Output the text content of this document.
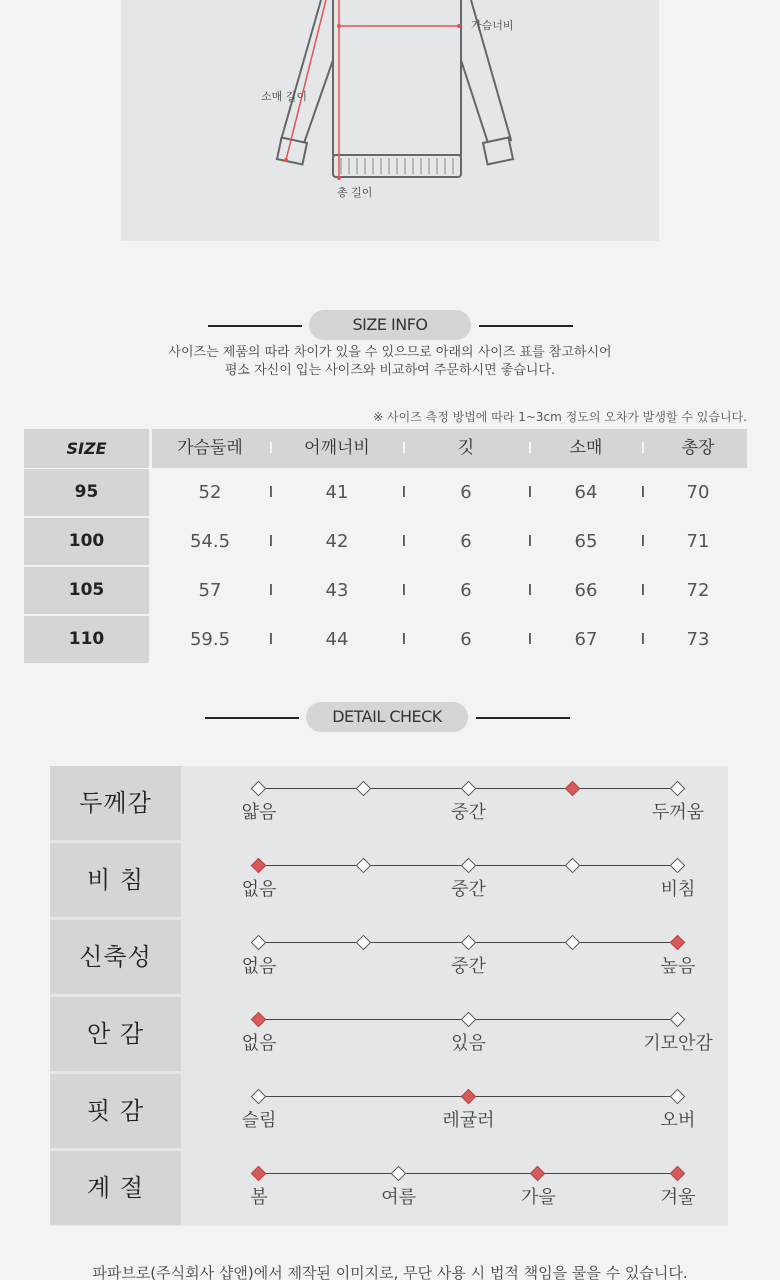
가슴너비
소매 길이
총 길이
SIZE INFO
사이즈는 제품의 따라 차이가 있을 수 있으므로 아래의 사이즈 표를 참고하시어
평소 자신이 입는 사이즈와 비교하여 주문하시면 좋습니다.
※ 사이즈 측정 방법에 따라 1~3cm 정도의 오차가 발생할 수 있습니다.
SIZE	가슴둘레	I	어깨너비	I	깃	I	소매	I	총장
95	52	I	41	I	6	I	64	I	70
100	54.5	I	42	I	6	I	65	I	71
105	57	I	43	I	6	I	66	I	72
110	59.5	I	44	I	6	I	67	I	73
DETAIL CHECK
두께감	얇음	중간	두꺼움
비 침	없음	중간	비침
신축성	없음	중간	높음
안 감	없음	있음	기모안감
핏 감	슬림	레귤러	오버
계 절	봄	여름	가을	겨울
파파브로(주식회사 샵앤)에서 제작된 이미지로, 무단 사용 시 법적 책임을 물을 수 있습니다.
